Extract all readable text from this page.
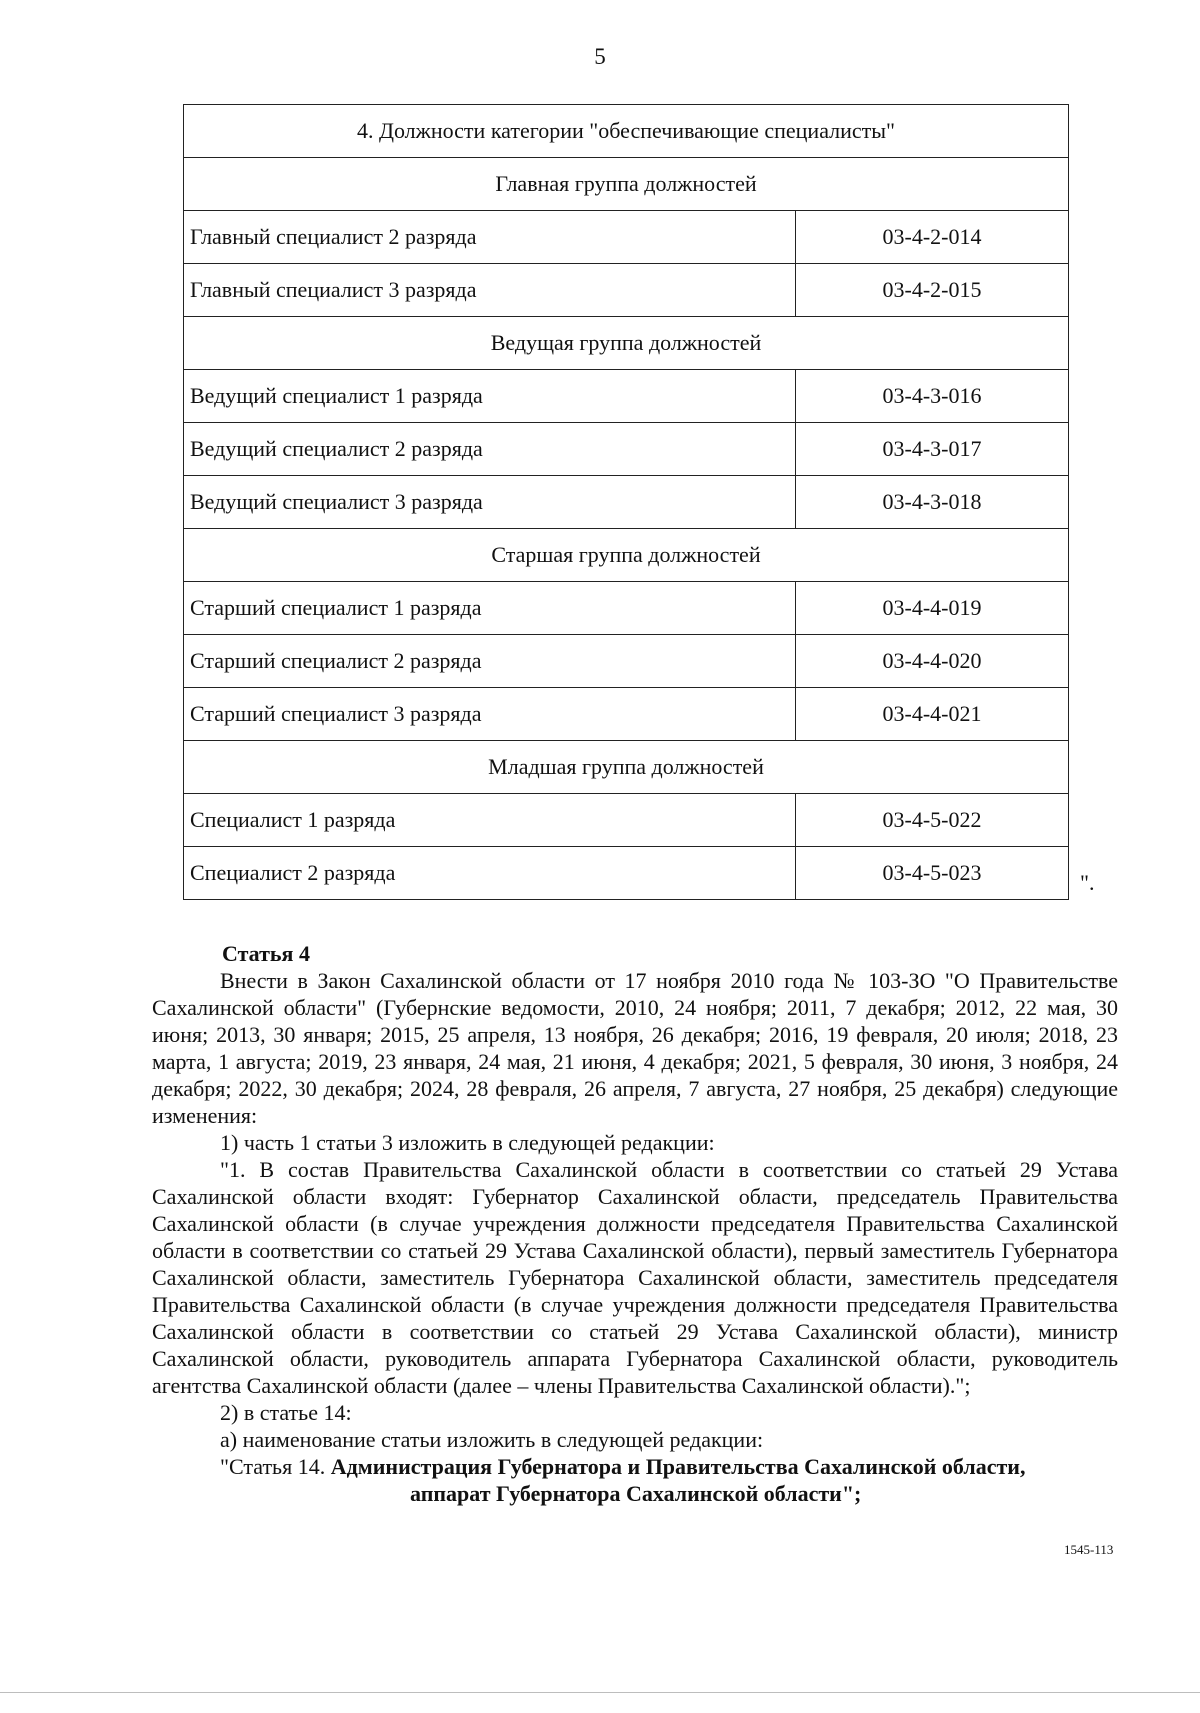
5
4. Должности категории "обеспечивающие специалисты"	
Главная группа должностей	
Главный специалист 2 разряда	03-4-2-014
Главный специалист 3 разряда	03-4-2-015
Ведущая группа должностей	
Ведущий специалист 1 разряда	03-4-3-016
Ведущий специалист 2 разряда	03-4-3-017
Ведущий специалист 3 разряда	03-4-3-018
Старшая группа должностей	
Старший специалист 1 разряда	03-4-4-019
Старший специалист 2 разряда	03-4-4-020
Старший специалист 3 разряда	03-4-4-021
Младшая группа должностей	
Специалист 1 разряда	03-4-5-022
Специалист 2 разряда	03-4-5-023	".

Статья 4

Внести в Закон Сахалинской области от 17 ноября 2010 года № 103-ЗО "О Правительстве Сахалинской области" (Губернские ведомости, 2010, 24 ноября; 2011, 7 декабря; 2012, 22 мая, 30 июня; 2013, 30 января; 2015, 25 апреля, 13 ноября, 26 декабря; 2016, 19 февраля, 20 июля; 2018, 23 марта, 1 августа; 2019, 23 января, 24 мая, 21 июня, 4 декабря; 2021, 5 февраля, 30 июня, 3 ноября, 24 декабря; 2022, 30 декабря; 2024, 28 февраля, 26 апреля, 7 августа, 27 ноября, 25 декабря) следующие изменения:

1) часть 1 статьи 3 изложить в следующей редакции:

"1. В состав Правительства Сахалинской области в соответствии со статьей 29 Устава Сахалинской области входят: Губернатор Сахалинской области, председатель Правительства Сахалинской области (в случае учреждения должности председателя Правительства Сахалинской области в соответствии со статьей 29 Устава Сахалинской области), первый заместитель Губернатора Сахалинской области, заместитель Губернатора Сахалинской области, заместитель председателя Правительства Сахалинской области (в случае учреждения должности председателя Правительства Сахалинской области в соответствии со статьей 29 Устава Сахалинской области), министр Сахалинской области, руководитель аппарата Губернатора Сахалинской области, руководитель агентства Сахалинской области (далее – члены Правительства Сахалинской области).";

2) в статье 14:

а) наименование статьи изложить в следующей редакции:

"Статья 14. Администрация Губернатора и Правительства Сахалинской области,
аппарат Губернатора Сахалинской области";

1545-113
